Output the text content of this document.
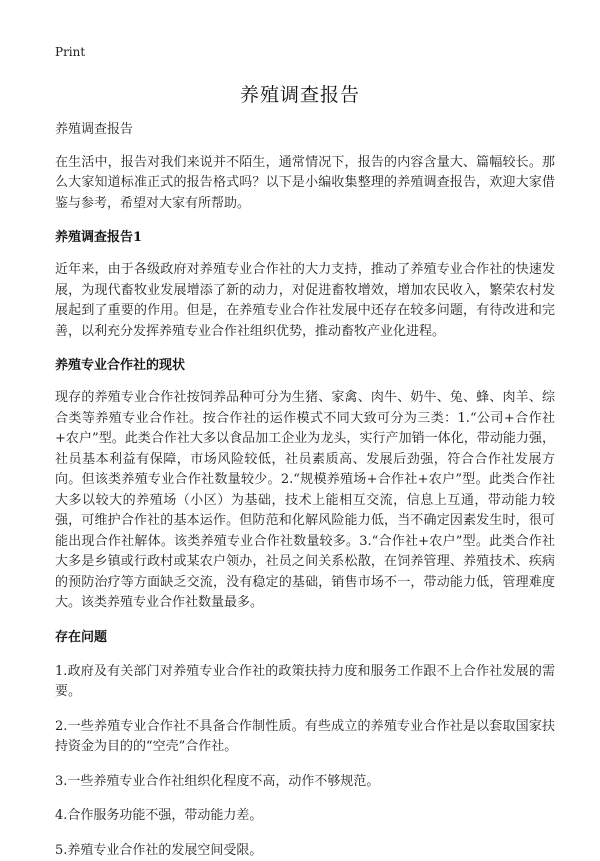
Print
养殖调查报告

养殖调查报告

在生活中，报告对我们来说并不陌生，通常情况下，报告的内容含量大、篇幅较长。那么大家知道标准正式的报告格式吗？以下是小编收集整理的养殖调查报告，欢迎大家借鉴与参考，希望对大家有所帮助。

养殖调查报告1

近年来，由于各级政府对养殖专业合作社的大力支持，推动了养殖专业合作社的快速发展，为现代畜牧业发展增添了新的动力，对促进畜牧增效，增加农民收入，繁荣农村发展起到了重要的作用。但是，在养殖专业合作社发展中还存在较多问题，有待改进和完善，以利充分发挥养殖专业合作社组织优势，推动畜牧产业化进程。

养殖专业合作社的现状

现存的养殖专业合作社按饲养品种可分为生猪、家禽、肉牛、奶牛、兔、蜂、肉羊、综合类等养殖专业合作社。按合作社的运作模式不同大致可分为三类：1.“公司+合作社+农户”型。此类合作社大多以食品加工企业为龙头，实行产加销一体化，带动能力强，社员基本利益有保障，市场风险较低，社员素质高、发展后劲强，符合合作社发展方向。但该类养殖专业合作社数量较少。2.“规模养殖场+合作社+农户”型。此类合作社大多以较大的养殖场（小区）为基础，技术上能相互交流，信息上互通，带动能力较强，可维护合作社的基本运作。但防范和化解风险能力低，当不确定因素发生时，很可能出现合作社解体。该类养殖专业合作社数量较多。3.“合作社+农户”型。此类合作社大多是乡镇或行政村或某农户领办，社员之间关系松散，在饲养管理、养殖技术、疾病的预防治疗等方面缺乏交流，没有稳定的基础，销售市场不一，带动能力低，管理难度大。该类养殖专业合作社数量最多。

存在问题

1.政府及有关部门对养殖专业合作社的政策扶持力度和服务工作跟不上合作社发展的需要。

2.一些养殖专业合作社不具备合作制性质。有些成立的养殖专业合作社是以套取国家扶持资金为目的的“空壳”合作社。

3.一些养殖专业合作社组织化程度不高，动作不够规范。

4.合作服务功能不强，带动能力差。

5.养殖专业合作社的发展空间受限。
